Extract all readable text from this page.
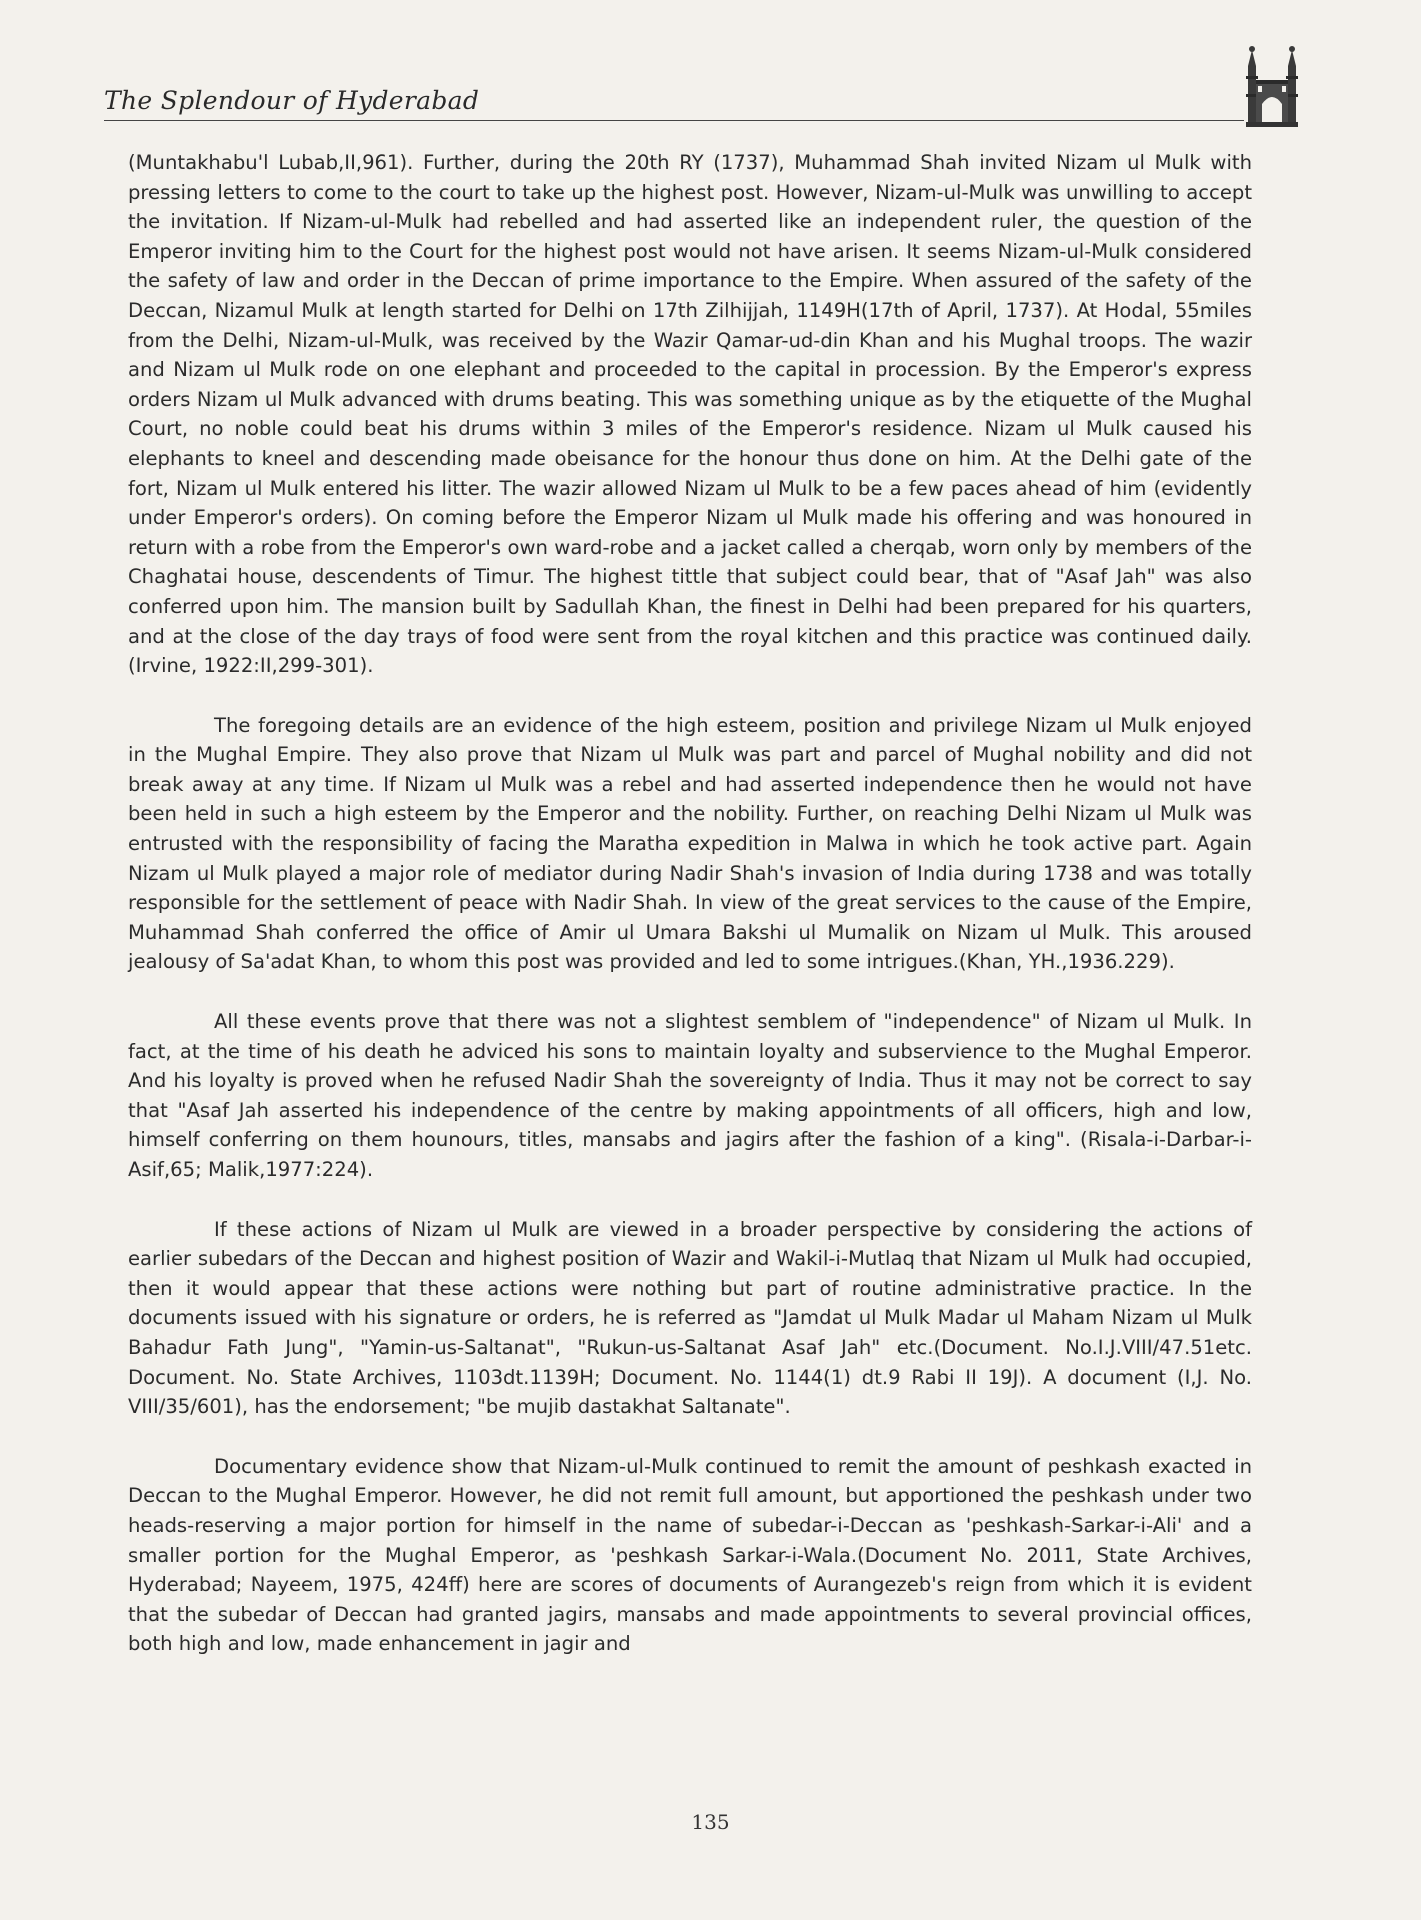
The Splendour of Hyderabad

(Muntakhabu'l Lubab,II,961). Further, during the 20th RY (1737), Muhammad Shah invited Nizam ul Mulk with pressing letters to come to the court to take up the highest post. However, Nizam-ul-Mulk was unwilling to accept the invitation. If Nizam-ul-Mulk had rebelled and had asserted like an independent ruler, the question of the Emperor inviting him to the Court for the highest post would not have arisen. It seems Nizam-ul-Mulk considered the safety of law and order in the Deccan of prime importance to the Empire. When assured of the safety of the Deccan, Nizamul Mulk at length started for Delhi on 17th Zilhijjah, 1149H(17th of April, 1737). At Hodal, 55miles from the Delhi, Nizam-ul-Mulk, was received by the Wazir Qamar-ud-din Khan and his Mughal troops. The wazir and Nizam ul Mulk rode on one elephant and proceeded to the capital in procession. By the Emperor's express orders Nizam ul Mulk advanced with drums beating. This was something unique as by the etiquette of the Mughal Court, no noble could beat his drums within 3 miles of the Emperor's residence. Nizam ul Mulk caused his elephants to kneel and descending made obeisance for the honour thus done on him. At the Delhi gate of the fort, Nizam ul Mulk entered his litter. The wazir allowed Nizam ul Mulk to be a few paces ahead of him (evidently under Emperor's orders). On coming before the Emperor Nizam ul Mulk made his offering and was honoured in return with a robe from the Emperor's own ward-robe and a jacket called a cherqab, worn only by members of the Chaghatai house, descendents of Timur. The highest tittle that subject could bear, that of "Asaf Jah" was also conferred upon him. The mansion built by Sadullah Khan, the finest in Delhi had been prepared for his quarters, and at the close of the day trays of food were sent from the royal kitchen and this practice was continued daily.(Irvine, 1922:II,299-301).

The foregoing details are an evidence of the high esteem, position and privilege Nizam ul Mulk enjoyed in the Mughal Empire. They also prove that Nizam ul Mulk was part and parcel of Mughal nobility and did not break away at any time. If Nizam ul Mulk was a rebel and had asserted independence then he would not have been held in such a high esteem by the Emperor and the nobility. Further, on reaching Delhi Nizam ul Mulk was entrusted with the responsibility of facing the Maratha expedition in Malwa in which he took active part. Again Nizam ul Mulk played a major role of mediator during Nadir Shah's invasion of India during 1738 and was totally responsible for the settlement of peace with Nadir Shah. In view of the great services to the cause of the Empire, Muhammad Shah conferred the office of Amir ul Umara Bakshi ul Mumalik on Nizam ul Mulk. This aroused jealousy of Sa'adat Khan, to whom this post was provided and led to some intrigues.(Khan, YH.,1936.229).

All these events prove that there was not a slightest semblem of "independence" of Nizam ul Mulk. In fact, at the time of his death he adviced his sons to maintain loyalty and subservience to the Mughal Emperor. And his loyalty is proved when he refused Nadir Shah the sovereignty of India. Thus it may not be correct to say that "Asaf Jah asserted his independence of the centre by making appointments of all officers, high and low, himself conferring on them hounours, titles, mansabs and jagirs after the fashion of a king". (Risala-i-Darbar-i-Asif,65; Malik,1977:224).

If these actions of Nizam ul Mulk are viewed in a broader perspective by considering the actions of earlier subedars of the Deccan and highest position of Wazir and Wakil-i-Mutlaq that Nizam ul Mulk had occupied, then it would appear that these actions were nothing but part of routine administrative practice. In the documents issued with his signature or orders, he is referred as "Jamdat ul Mulk Madar ul Maham Nizam ul Mulk Bahadur Fath Jung", "Yamin-us-Saltanat", "Rukun-us-Saltanat Asaf Jah" etc.(Document. No.I.J.VIII/47.51etc. Document. No. State Archives, 1103dt.1139H; Document. No. 1144(1) dt.9 Rabi II 19J). A document (I,J. No. VIII/35/601), has the endorsement; "be mujib dastakhat Saltanate".

Documentary evidence show that Nizam-ul-Mulk continued to remit the amount of peshkash exacted in Deccan to the Mughal Emperor. However, he did not remit full amount, but apportioned the peshkash under two heads-reserving a major portion for himself in the name of subedar-i-Deccan as 'peshkash-Sarkar-i-Ali' and a smaller portion for the Mughal Emperor, as 'peshkash Sarkar-i-Wala.(Document No. 2011, State Archives, Hyderabad; Nayeem, 1975, 424ff) here are scores of documents of Aurangezeb's reign from which it is evident that the subedar of Deccan had granted jagirs, mansabs and made appointments to several provincial offices, both high and low, made enhancement in jagir and

135
